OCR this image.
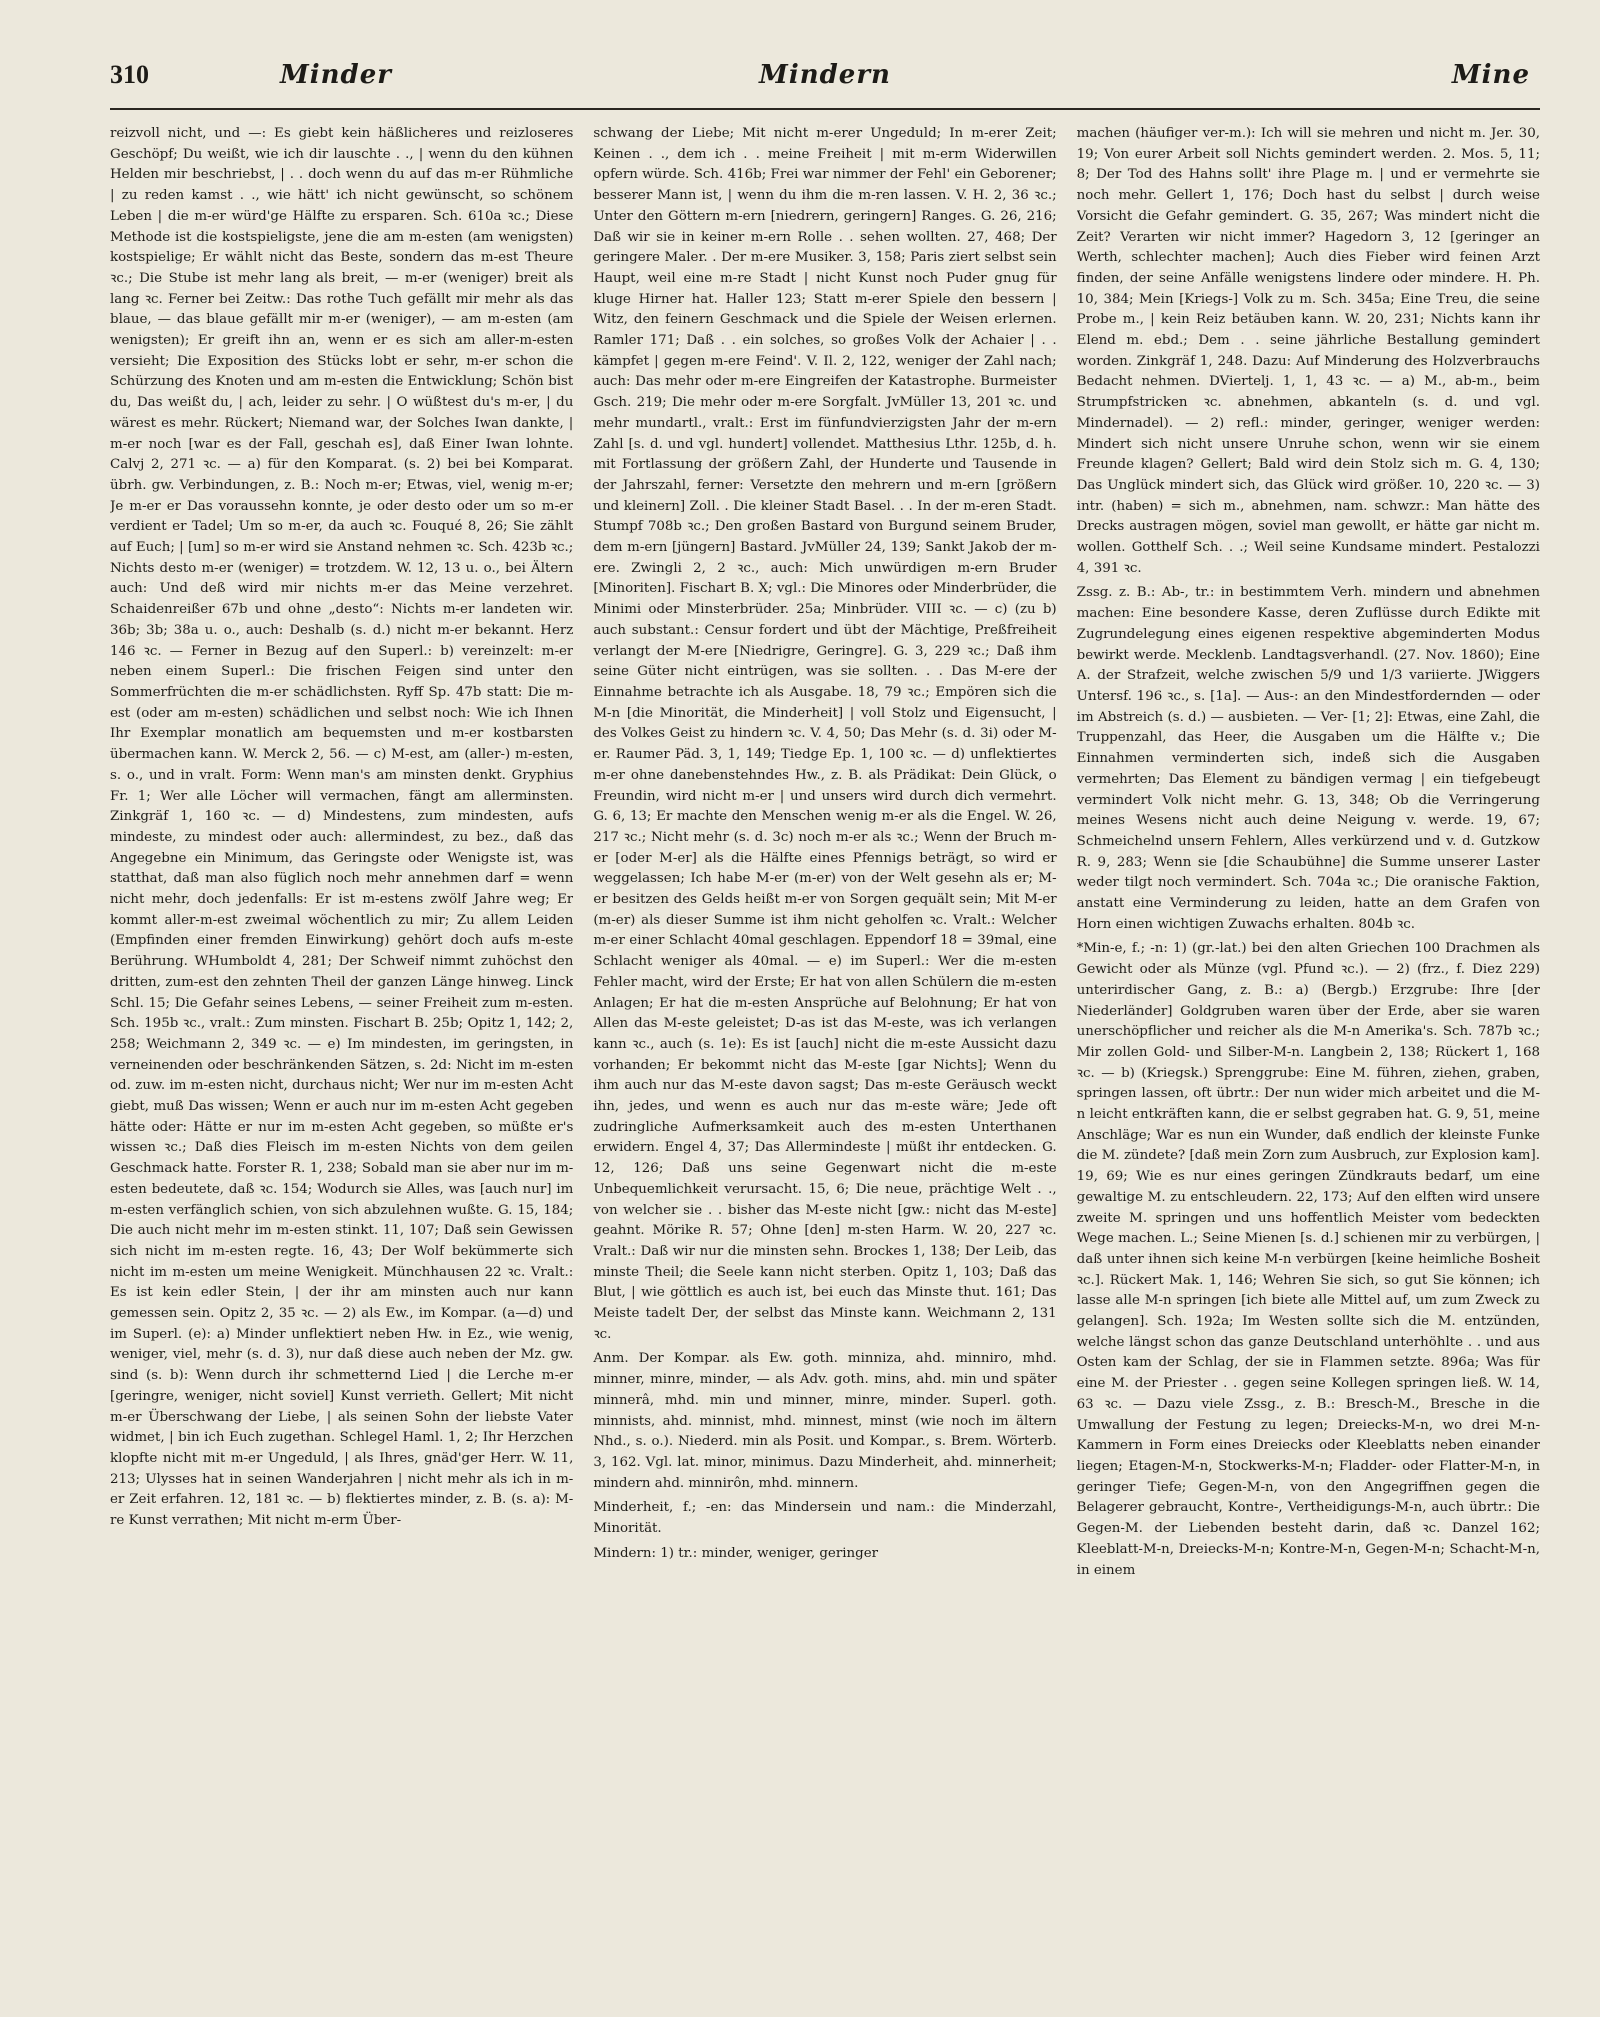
310	Minder	Mindern	Mine

reizvoll nicht, und —: Es giebt kein häßlicheres und reizloseres Geschöpf; Du weißt, wie ich dir lauschte . ., | wenn du den kühnen Helden mir beschriebst, | . . doch wenn du auf das m-er Rühmliche | zu reden kamst . ., wie hätt' ich nicht gewünscht, so schönem Leben | die m-er würd'ge Hälfte zu ersparen. Sch. 610a ꝛc.; Diese Methode ist die kostspieligste, jene die am m-esten (am wenigsten) kostspielige; Er wählt nicht das Beste, sondern das m-est Theure ꝛc.; Die Stube ist mehr lang als breit, — m-er (weniger) breit als lang ꝛc. Ferner bei Zeitw.: Das rothe Tuch gefällt mir mehr als das blaue, — das blaue gefällt mir m-er (weniger), — am m-esten (am wenigsten); Er greift ihn an, wenn er es sich am aller-m-esten versieht; Die Exposition des Stücks lobt er sehr, m-er schon die Schürzung des Knoten und am m-esten die Entwicklung; Schön bist du, Das weißt du, | ach, leider zu sehr. | O wüßtest du's m-er, | du wärest es mehr. Rückert; Niemand war, der Solches Iwan dankte, | m-er noch [war es der Fall, geschah es], daß Einer Iwan lohnte. Calvj 2, 271 ꝛc. — a) für den Komparat. (s. 2) bei bei Komparat. übrh. gw. Verbindungen, z. B.: Noch m-er; Etwas, viel, wenig m-er; Je m-er er Das voraussehn konnte, je oder desto oder um so m-er verdient er Tadel; Um so m-er, da auch ꝛc. Fouqué 8, 26; Sie zählt auf Euch; | [um] so m-er wird sie Anstand nehmen ꝛc. Sch. 423b ꝛc.; Nichts desto m-er (weniger) = trotzdem. W. 12, 13 u. o., bei Ältern auch: Und deß wird mir nichts m-er das Meine verzehret. Schaidenreißer 67b und ohne „desto“: Nichts m-er landeten wir. 36b; 3b; 38a u. o., auch: Deshalb (s. d.) nicht m-er bekannt. Herz 146 ꝛc. — Ferner in Bezug auf den Superl.: b) vereinzelt: m-er neben einem Superl.: Die frischen Feigen sind unter den Sommerfrüchten die m-er schädlichsten. Ryff Sp. 47b statt: Die m-est (oder am m-esten) schädlichen und selbst noch: Wie ich Ihnen Ihr Exemplar monatlich am bequemsten und m-er kostbarsten übermachen kann. W. Merck 2, 56. — c) M-est, am (aller-) m-esten, s. o., und in vralt. Form: Wenn man's am minsten denkt. Gryphius Fr. 1; Wer alle Löcher will vermachen, fängt am allerminsten. Zinkgräf 1, 160 ꝛc. — d) Mindestens, zum mindesten, aufs mindeste, zu mindest oder auch: allermindest, zu bez., daß das Angegebne ein Minimum, das Geringste oder Wenigste ist, was statthat, daß man also füglich noch mehr annehmen darf = wenn nicht mehr, doch jedenfalls: Er ist m-estens zwölf Jahre weg; Er kommt aller-m-est zweimal wöchentlich zu mir; Zu allem Leiden (Empfinden einer fremden Einwirkung) gehört doch aufs m-este Berührung. WHumboldt 4, 281; Der Schweif nimmt zuhöchst den dritten, zum-est den zehnten Theil der ganzen Länge hinweg. Linck Schl. 15; Die Gefahr seines Lebens, — seiner Freiheit zum m-esten. Sch. 195b ꝛc., vralt.: Zum minsten. Fischart B. 25b; Opitz 1, 142; 2, 258; Weichmann 2, 349 ꝛc. — e) Im mindesten, im geringsten, in verneinenden oder beschränkenden Sätzen, s. 2d: Nicht im m-esten od. zuw. im m-esten nicht, durchaus nicht; Wer nur im m-esten Acht giebt, muß Das wissen; Wenn er auch nur im m-esten Acht gegeben hätte oder: Hätte er nur im m-esten Acht gegeben, so müßte er's wissen ꝛc.; Daß dies Fleisch im m-esten Nichts von dem geilen Geschmack hatte. Forster R. 1, 238; Sobald man sie aber nur im m-esten bedeutete, daß ꝛc. 154; Wodurch sie Alles, was [auch nur] im m-esten verfänglich schien, von sich abzulehnen wußte. G. 15, 184; Die auch nicht mehr im m-esten stinkt. 11, 107; Daß sein Gewissen sich nicht im m-esten regte. 16, 43; Der Wolf bekümmerte sich nicht im m-esten um meine Wenigkeit. Münchhausen 22 ꝛc. Vralt.: Es ist kein edler Stein, | der ihr am minsten auch nur kann gemessen sein. Opitz 2, 35 ꝛc. — 2) als Ew., im Kompar. (a—d) und im Superl. (e): a) Minder unflektiert neben Hw. in Ez., wie wenig, weniger, viel, mehr (s. d. 3), nur daß diese auch neben der Mz. gw. sind (s. b): Wenn durch ihr schmetternd Lied | die Lerche m-er [geringre, weniger, nicht soviel] Kunst verrieth. Gellert; Mit nicht m-er Überschwang der Liebe, | als seinen Sohn der liebste Vater widmet, | bin ich Euch zugethan. Schlegel Haml. 1, 2; Ihr Herzchen klopfte nicht mit m-er Ungeduld, | als Ihres, gnäd'ger Herr. W. 11, 213; Ulysses hat in seinen Wanderjahren | nicht mehr als ich in m-er Zeit erfahren. 12, 181 ꝛc. — b) flektiertes minder, z. B. (s. a): M-re Kunst verrathen; Mit nicht m-erm Über-

schwang der Liebe; Mit nicht m-erer Ungeduld; In m-erer Zeit; Keinen . ., dem ich . . meine Freiheit | mit m-erm Widerwillen opfern würde. Sch. 416b; Frei war nimmer der Fehl' ein Geborener; besserer Mann ist, | wenn du ihm die m-ren lassen. V. H. 2, 36 ꝛc.; Unter den Göttern m-ern [niedrern, geringern] Ranges. G. 26, 216; Daß wir sie in keiner m-ern Rolle . . sehen wollten. 27, 468; Der geringere Maler. . Der m-ere Musiker. 3, 158; Paris ziert selbst sein Haupt, weil eine m-re Stadt | nicht Kunst noch Puder gnug für kluge Hirner hat. Haller 123; Statt m-erer Spiele den bessern | Witz, den feinern Geschmack und die Spiele der Weisen erlernen. Ramler 171; Daß . . ein solches, so großes Volk der Achaier | . . kämpfet | gegen m-ere Feind'. V. Il. 2, 122, weniger der Zahl nach; auch: Das mehr oder m-ere Eingreifen der Katastrophe. Burmeister Gsch. 219; Die mehr oder m-ere Sorgfalt. JvMüller 13, 201 ꝛc. und mehr mundartl., vralt.: Erst im fünfundvierzigsten Jahr der m-ern Zahl [s. d. und vgl. hundert] vollendet. Matthesius Lthr. 125b, d. h. mit Fortlassung der größern Zahl, der Hunderte und Tausende in der Jahrszahl, ferner: Versetzte den mehrern und m-ern [größern und kleinern] Zoll. . Die kleiner Stadt Basel. . . In der m-eren Stadt. Stumpf 708b ꝛc.; Den großen Bastard von Burgund seinem Bruder, dem m-ern [jüngern] Bastard. JvMüller 24, 139; Sankt Jakob der m-ere. Zwingli 2, 2 ꝛc., auch: Mich unwürdigen m-ern Bruder [Minoriten]. Fischart B. X; vgl.: Die Minores oder Minderbrüder, die Minimi oder Minsterbrüder. 25a; Minbrüder. VIII ꝛc. — c) (zu b) auch substant.: Censur fordert und übt der Mächtige, Preßfreiheit verlangt der M-ere [Niedrigre, Geringre]. G. 3, 229 ꝛc.; Daß ihm seine Güter nicht eintrügen, was sie sollten. . . Das M-ere der Einnahme betrachte ich als Ausgabe. 18, 79 ꝛc.; Empören sich die M-n [die Minorität, die Minderheit] | voll Stolz und Eigensucht, | des Volkes Geist zu hindern ꝛc. V. 4, 50; Das Mehr (s. d. 3i) oder M-er. Raumer Päd. 3, 1, 149; Tiedge Ep. 1, 100 ꝛc. — d) unflektiertes m-er ohne danebenstehndes Hw., z. B. als Prädikat: Dein Glück, o Freundin, wird nicht m-er | und unsers wird durch dich vermehrt. G. 6, 13; Er machte den Menschen wenig m-er als die Engel. W. 26, 217 ꝛc.; Nicht mehr (s. d. 3c) noch m-er als ꝛc.; Wenn der Bruch m-er [oder M-er] als die Hälfte eines Pfennigs beträgt, so wird er weggelassen; Ich habe M-er (m-er) von der Welt gesehn als er; M-er besitzen des Gelds heißt m-er von Sorgen gequält sein; Mit M-er (m-er) als dieser Summe ist ihm nicht geholfen ꝛc. Vralt.: Welcher m-er einer Schlacht 40mal geschlagen. Eppendorf 18 = 39mal, eine Schlacht weniger als 40mal. — e) im Superl.: Wer die m-esten Fehler macht, wird der Erste; Er hat von allen Schülern die m-esten Anlagen; Er hat die m-esten Ansprüche auf Belohnung; Er hat von Allen das M-este geleistet; D-as ist das M-este, was ich verlangen kann ꝛc., auch (s. 1e): Es ist [auch] nicht die m-este Aussicht dazu vorhanden; Er bekommt nicht das M-este [gar Nichts]; Wenn du ihm auch nur das M-este davon sagst; Das m-este Geräusch weckt ihn, jedes, und wenn es auch nur das m-este wäre; Jede oft zudringliche Aufmerksamkeit auch des m-esten Unterthanen erwidern. Engel 4, 37; Das Allermindeste | müßt ihr entdecken. G. 12, 126; Daß uns seine Gegenwart nicht die m-este Unbequemlichkeit verursacht. 15, 6; Die neue, prächtige Welt . ., von welcher sie . . bisher das M-este nicht [gw.: nicht das M-este] geahnt. Mörike R. 57; Ohne [den] m-sten Harm. W. 20, 227 ꝛc. Vralt.: Daß wir nur die minsten sehn. Brockes 1, 138; Der Leib, das minste Theil; die Seele kann nicht sterben. Opitz 1, 103; Daß das Blut, | wie göttlich es auch ist, bei euch das Minste thut. 161; Das Meiste tadelt Der, der selbst das Minste kann. Weichmann 2, 131 ꝛc.

Anm. Der Kompar. als Ew. goth. minniza, ahd. minniro, mhd. minner, minre, minder, — als Adv. goth. mins, ahd. min und später minnerâ, mhd. min und minner, minre, minder. Superl. goth. minnists, ahd. minnist, mhd. minnest, minst (wie noch im ältern Nhd., s. o.). Niederd. min als Posit. und Kompar., s. Brem. Wörterb. 3, 162. Vgl. lat. minor, minimus. Dazu Minderheit, ahd. minnerheit; mindern ahd. minnirôn, mhd. minnern.

Minderheit, f.; -en: das Mindersein und nam.: die Minderzahl, Minorität.

Mindern: 1) tr.: minder, weniger, geringer

machen (häufiger ver-m.): Ich will sie mehren und nicht m. Jer. 30, 19; Von eurer Arbeit soll Nichts gemindert werden. 2. Mos. 5, 11; 8; Der Tod des Hahns sollt' ihre Plage m. | und er vermehrte sie noch mehr. Gellert 1, 176; Doch hast du selbst | durch weise Vorsicht die Gefahr gemindert. G. 35, 267; Was mindert nicht die Zeit? Verarten wir nicht immer? Hagedorn 3, 12 [geringer an Werth, schlechter machen]; Auch dies Fieber wird feinen Arzt finden, der seine Anfälle wenigstens lindere oder mindere. H. Ph. 10, 384; Mein [Kriegs-] Volk zu m. Sch. 345a; Eine Treu, die seine Probe m., | kein Reiz betäuben kann. W. 20, 231; Nichts kann ihr Elend m. ebd.; Dem . . seine jährliche Bestallung gemindert worden. Zinkgräf 1, 248. Dazu: Auf Minderung des Holzverbrauchs Bedacht nehmen. DViertelj. 1, 1, 43 ꝛc. — a) M., ab-m., beim Strumpfstricken ꝛc. abnehmen, abkanteln (s. d. und vgl. Mindernadel). — 2) refl.: minder, geringer, weniger werden: Mindert sich nicht unsere Unruhe schon, wenn wir sie einem Freunde klagen? Gellert; Bald wird dein Stolz sich m. G. 4, 130; Das Unglück mindert sich, das Glück wird größer. 10, 220 ꝛc. — 3) intr. (haben) = sich m., abnehmen, nam. schwzr.: Man hätte des Drecks austragen mögen, soviel man gewollt, er hätte gar nicht m. wollen. Gotthelf Sch. . .; Weil seine Kundsame mindert. Pestalozzi 4, 391 ꝛc.

Zssg. z. B.: Ab-, tr.: in bestimmtem Verh. mindern und abnehmen machen: Eine besondere Kasse, deren Zuflüsse durch Edikte mit Zugrundelegung eines eigenen respektive abgeminderten Modus bewirkt werde. Mecklenb. Landtagsverhandl. (27. Nov. 1860); Eine A. der Strafzeit, welche zwischen 5/9 und 1/3 variierte. JWiggers Untersf. 196 ꝛc., s. [1a]. — Aus-: an den Mindestfordernden — oder im Abstreich (s. d.) — ausbieten. — Ver- [1; 2]: Etwas, eine Zahl, die Truppenzahl, das Heer, die Ausgaben um die Hälfte v.; Die Einnahmen verminderten sich, indeß sich die Ausgaben vermehrten; Das Element zu bändigen vermag | ein tiefgebeugt vermindert Volk nicht mehr. G. 13, 348; Ob die Verringerung meines Wesens nicht auch deine Neigung v. werde. 19, 67; Schmeichelnd unsern Fehlern, Alles verkürzend und v. d. Gutzkow R. 9, 283; Wenn sie [die Schaubühne] die Summe unserer Laster weder tilgt noch vermindert. Sch. 704a ꝛc.; Die oranische Faktion, anstatt eine Verminderung zu leiden, hatte an dem Grafen von Horn einen wichtigen Zuwachs erhalten. 804b ꝛc.

*Min-e, f.; -n: 1) (gr.-lat.) bei den alten Griechen 100 Drachmen als Gewicht oder als Münze (vgl. Pfund ꝛc.). — 2) (frz., f. Diez 229) unterirdischer Gang, z. B.: a) (Bergb.) Erzgrube: Ihre [der Niederländer] Goldgruben waren über der Erde, aber sie waren unerschöpflicher und reicher als die M-n Amerika's. Sch. 787b ꝛc.; Mir zollen Gold- und Silber-M-n. Langbein 2, 138; Rückert 1, 168 ꝛc. — b) (Kriegsk.) Sprenggrube: Eine M. führen, ziehen, graben, springen lassen, oft übrtr.: Der nun wider mich arbeitet und die M-n leicht entkräften kann, die er selbst gegraben hat. G. 9, 51, meine Anschläge; War es nun ein Wunder, daß endlich der kleinste Funke die M. zündete? [daß mein Zorn zum Ausbruch, zur Explosion kam]. 19, 69; Wie es nur eines geringen Zündkrauts bedarf, um eine gewaltige M. zu entschleudern. 22, 173; Auf den elften wird unsere zweite M. springen und uns hoffentlich Meister vom bedeckten Wege machen. L.; Seine Mienen [s. d.] schienen mir zu verbürgen, | daß unter ihnen sich keine M-n verbürgen [keine heimliche Bosheit ꝛc.]. Rückert Mak. 1, 146; Wehren Sie sich, so gut Sie können; ich lasse alle M-n springen [ich biete alle Mittel auf, um zum Zweck zu gelangen]. Sch. 192a; Im Westen sollte sich die M. entzünden, welche längst schon das ganze Deutschland unterhöhlte . . und aus Osten kam der Schlag, der sie in Flammen setzte. 896a; Was für eine M. der Priester . . gegen seine Kollegen springen ließ. W. 14, 63 ꝛc. — Dazu viele Zssg., z. B.: Bresch-M., Bresche in die Umwallung der Festung zu legen; Dreiecks-M-n, wo drei M-n-Kammern in Form eines Dreiecks oder Kleeblatts neben einander liegen; Etagen-M-n, Stockwerks-M-n; Fladder- oder Flatter-M-n, in geringer Tiefe; Gegen-M-n, von den Angegriffnen gegen die Belagerer gebraucht, Kontre-, Vertheidigungs-M-n, auch übrtr.: Die Gegen-M. der Liebenden besteht darin, daß ꝛc. Danzel 162; Kleeblatt-M-n, Dreiecks-M-n; Kontre-M-n, Gegen-M-n; Schacht-M-n, in einem
